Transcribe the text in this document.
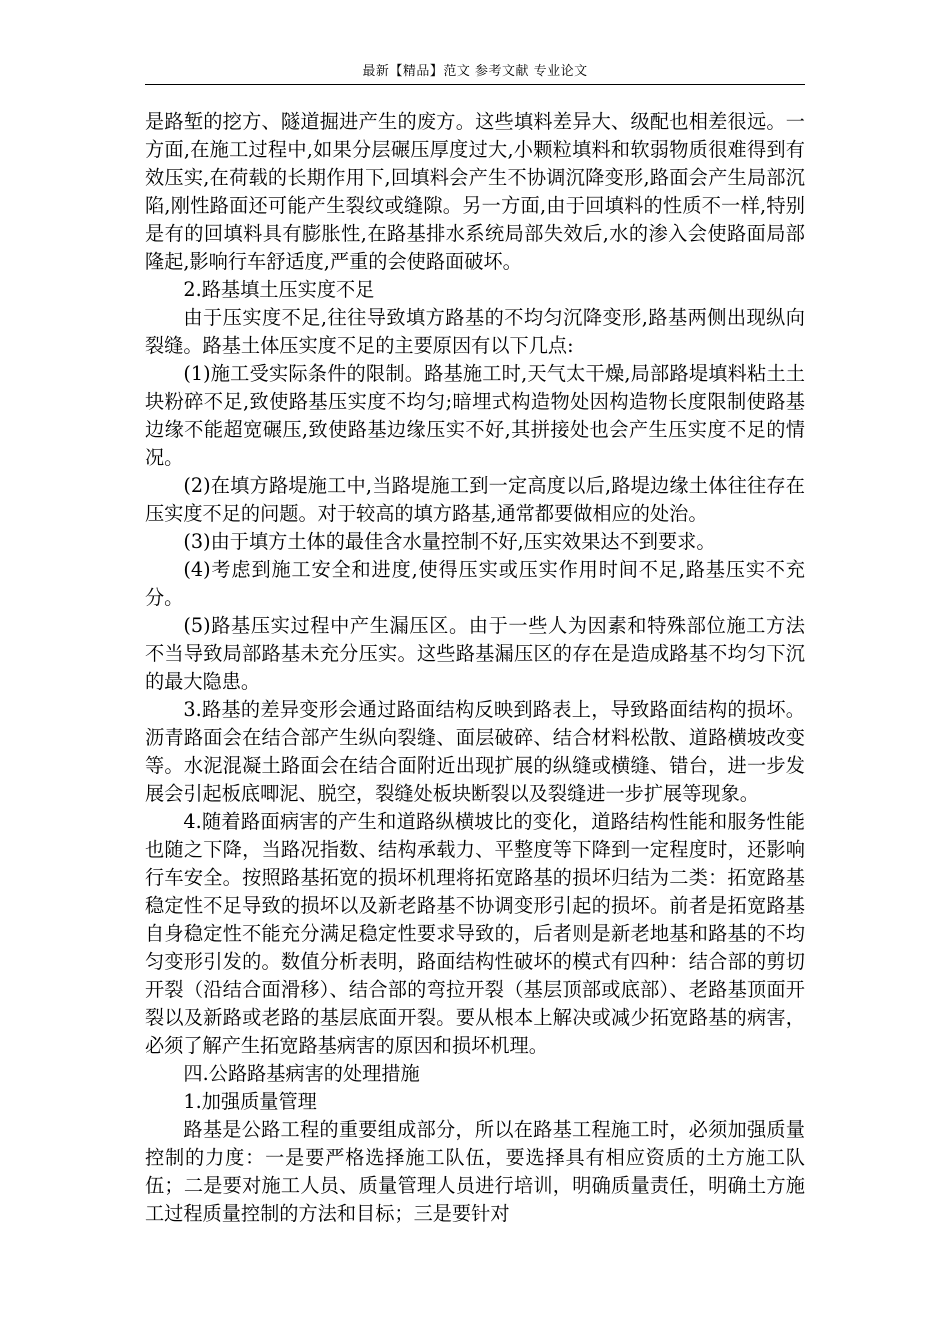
最新【精品】范文 参考文献 专业论文

是路堑的挖方、隧道掘进产生的废方。这些填料差异大、级配也相差很远。一方面,在施工过程中,如果分层碾压厚度过大,小颗粒填料和软弱物质很难得到有效压实,在荷载的长期作用下,回填料会产生不协调沉降变形,路面会产生局部沉陷,刚性路面还可能产生裂纹或缝隙。另一方面,由于回填料的性质不一样,特别是有的回填料具有膨胀性,在路基排水系统局部失效后,水的渗入会使路面局部隆起,影响行车舒适度,严重的会使路面破坏。

2.路基填土压实度不足

由于压实度不足,往往导致填方路基的不均匀沉降变形,路基两侧出现纵向裂缝。路基土体压实度不足的主要原因有以下几点:

(1)施工受实际条件的限制。路基施工时,天气太干燥,局部路堤填料粘土土块粉碎不足,致使路基压实度不均匀;暗埋式构造物处因构造物长度限制使路基边缘不能超宽碾压,致使路基边缘压实不好,其拼接处也会产生压实度不足的情况。

(2)在填方路堤施工中,当路堤施工到一定高度以后,路堤边缘土体往往存在压实度不足的问题。对于较高的填方路基,通常都要做相应的处治。

(3)由于填方土体的最佳含水量控制不好,压实效果达不到要求。

(4)考虑到施工安全和进度,使得压实或压实作用时间不足,路基压实不充分。

(5)路基压实过程中产生漏压区。由于一些人为因素和特殊部位施工方法不当导致局部路基未充分压实。这些路基漏压区的存在是造成路基不均匀下沉的最大隐患。

3.路基的差异变形会通过路面结构反映到路表上，导致路面结构的损坏。沥青路面会在结合部产生纵向裂缝、面层破碎、结合材料松散、道路横坡改变等。水泥混凝土路面会在结合面附近出现扩展的纵缝或横缝、错台，进一步发展会引起板底唧泥、脱空，裂缝处板块断裂以及裂缝进一步扩展等现象。

4.随着路面病害的产生和道路纵横坡比的变化，道路结构性能和服务性能也随之下降，当路况指数、结构承载力、平整度等下降到一定程度时，还影响行车安全。按照路基拓宽的损坏机理将拓宽路基的损坏归结为二类：拓宽路基稳定性不足导致的损坏以及新老路基不协调变形引起的损坏。前者是拓宽路基自身稳定性不能充分满足稳定性要求导致的，后者则是新老地基和路基的不均匀变形引发的。数值分析表明，路面结构性破坏的模式有四种：结合部的剪切开裂（沿结合面滑移）、结合部的弯拉开裂（基层顶部或底部）、老路基顶面开裂以及新路或老路的基层底面开裂。要从根本上解决或减少拓宽路基的病害，必须了解产生拓宽路基病害的原因和损坏机理。

四.公路路基病害的处理措施

1.加强质量管理

路基是公路工程的重要组成部分，所以在路基工程施工时，必须加强质量控制的力度：一是要严格选择施工队伍，要选择具有相应资质的土方施工队伍；二是要对施工人员、质量管理人员进行培训，明确质量责任，明确土方施工过程质量控制的方法和目标；三是要针对
